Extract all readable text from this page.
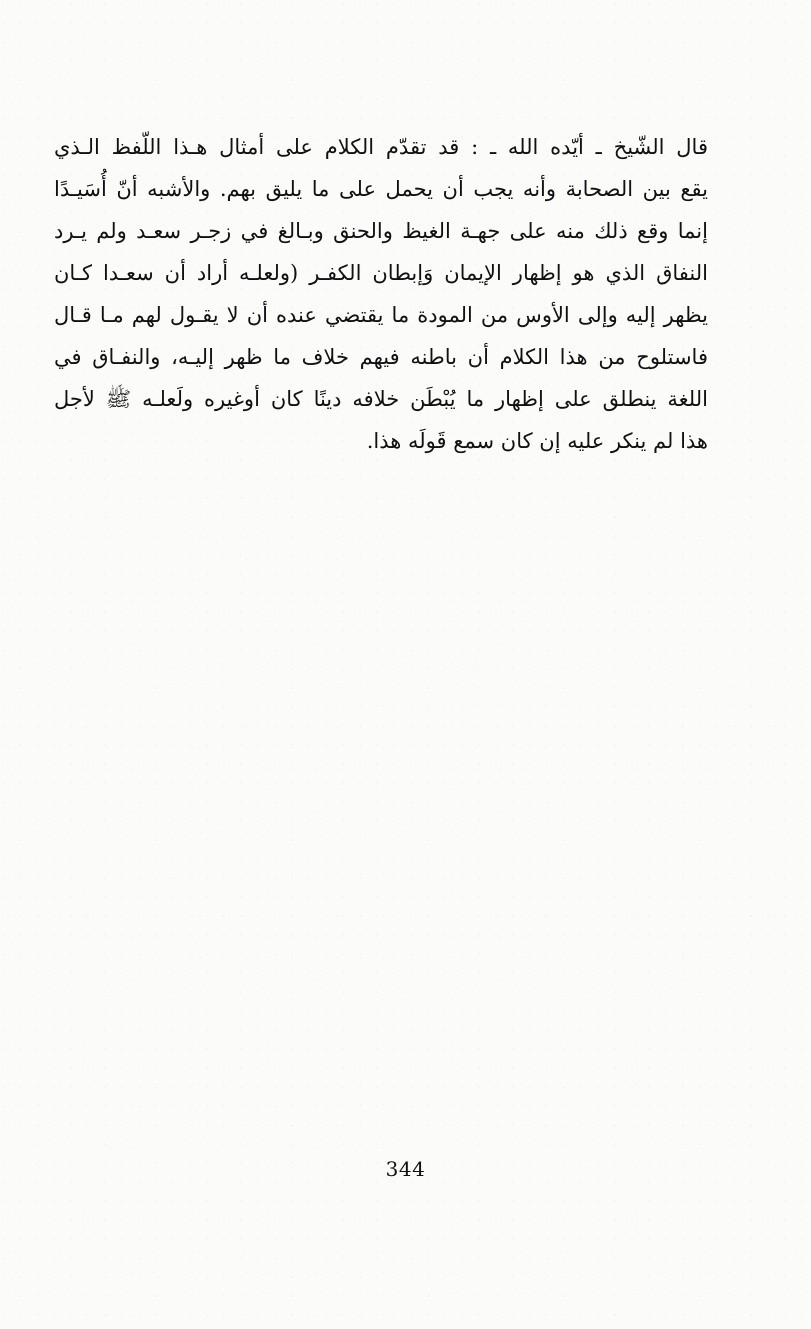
قال الشّيخ ـ أيّده الله ـ : قد تقدّم الكلام على أمثال هـذا اللّفظ الـذي
يقع بين الصحابة وأنه يجب أن يحمل على ما يليق بهم. والأشبه أنّ أُسَيـدًا
إنما وقع ذلك منه على جهـة الغيظ والحنق وبـالغ في زجـر سعـد ولم يـرد
النفاق الذي هو إظهار الإيمان وَإبطان الكفـر (ولعلـه أراد أن سعـدا كـان
يظهر إليه وإلى الأوس من المودة ما يقتضي عنده أن لا يقـول لهم مـا قـال
فاستلوح من هذا الكلام أن باطنه فيهم خلاف ما ظهر إليـه، والنفـاق في
اللغة ينطلق على إظهار ما يُبْطَن خلافه دينًا كان أوغيره ولَعلـه ﷺ لأجل
هذا لم ينكر عليه إن كان سمع قَولَه هذا.
344
